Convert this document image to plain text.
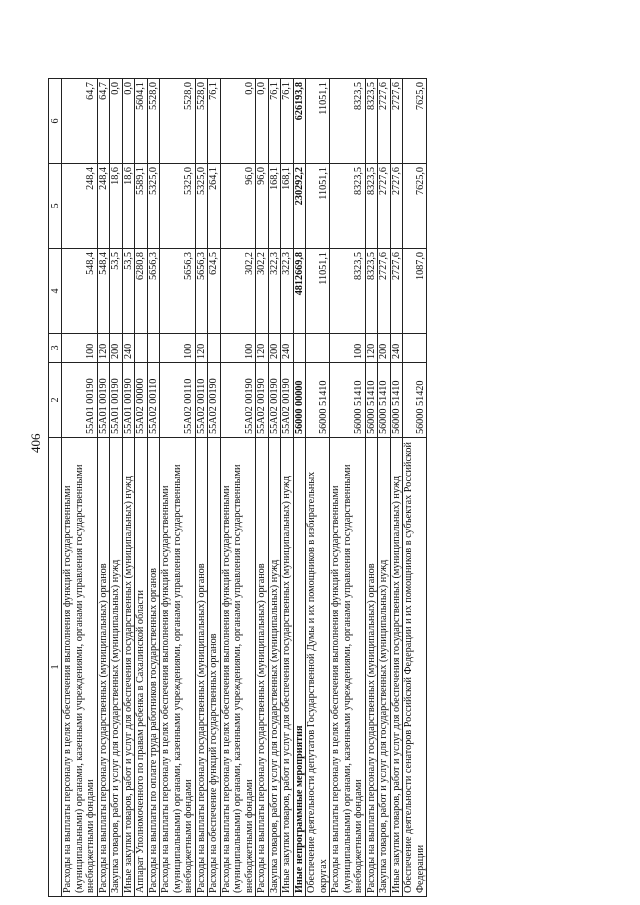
406
1	2	3	4	5	6
Расходы на выплаты персоналу в целях обеспечения выполнения функций государственными (муниципальными) органами, казенными учреждениями, органами управления государственными внебюджетными фондами	55А01 00190	100	548,4	248,4	64,7
Расходы на выплаты персоналу государственных (муниципальных) органов	55А01 00190	120	548,4	248,4	64,7
Закупка товаров, работ и услуг для государственных (муниципальных) нужд	55А01 00190	200	53,5	18,6	0,0
Иные закупки товаров, работ и услуг для обеспечения государственных (муниципальных) нужд	55А01 00190	240	53,5	18,6	0,0
Аппарат Уполномоченного по правам ребенка в Сахалинской области	55А02 00000		6280,8	5589,1	5604,1
Расходы на выплаты по оплате труда работников государственных органов	55А02 00110		5656,3	5325,0	5528,0
Расходы на выплаты персоналу в целях обеспечения выполнения функций государственными (муниципальными) органами, казенными учреждениями, органами управления государственными внебюджетными фондами	55А02 00110	100	5656,3	5325,0	5528,0
Расходы на выплаты персоналу государственных (муниципальных) органов	55А02 00110	120	5656,3	5325,0	5528,0
Расходы на обеспечение функций государственных органов	55А02 00190		624,5	264,1	76,1
Расходы на выплаты персоналу в целях обеспечения выполнения функций государственными (муниципальными) органами, казенными учреждениями, органами управления государственными внебюджетными фондами	55А02 00190	100	302,2	96,0	0,0
Расходы на выплаты персоналу государственных (муниципальных) органов	55А02 00190	120	302,2	96,0	0,0
Закупка товаров, работ и услуг для государственных (муниципальных) нужд	55А02 00190	200	322,3	168,1	76,1
Иные закупки товаров, работ и услуг для обеспечения государственных (муниципальных) нужд	55А02 00190	240	322,3	168,1	76,1
Иные непрограммные мероприятия	56000 00000		4812669,8	230292,2	626193,8
Обеспечение деятельности депутатов Государственной Думы и их помощников в избирательных округах	56000 51410		11051,1	11051,1	11051,1
Расходы на выплаты персоналу в целях обеспечения выполнения функций государственными (муниципальными) органами, казенными учреждениями, органами управления государственными внебюджетными фондами	56000 51410	100	8323,5	8323,5	8323,5
Расходы на выплаты персоналу государственных (муниципальных) органов	56000 51410	120	8323,5	8323,5	8323,5
Закупка товаров, работ и услуг для государственных (муниципальных) нужд	56000 51410	200	2727,6	2727,6	2727,6
Иные закупки товаров, работ и услуг для обеспечения государственных (муниципальных) нужд	56000 51410	240	2727,6	2727,6	2727,6
Обеспечение деятельности сенаторов Российской Федерации и их помощников в субъектах Российской Федерации	56000 51420		1087,0	7625,0	7625,0
